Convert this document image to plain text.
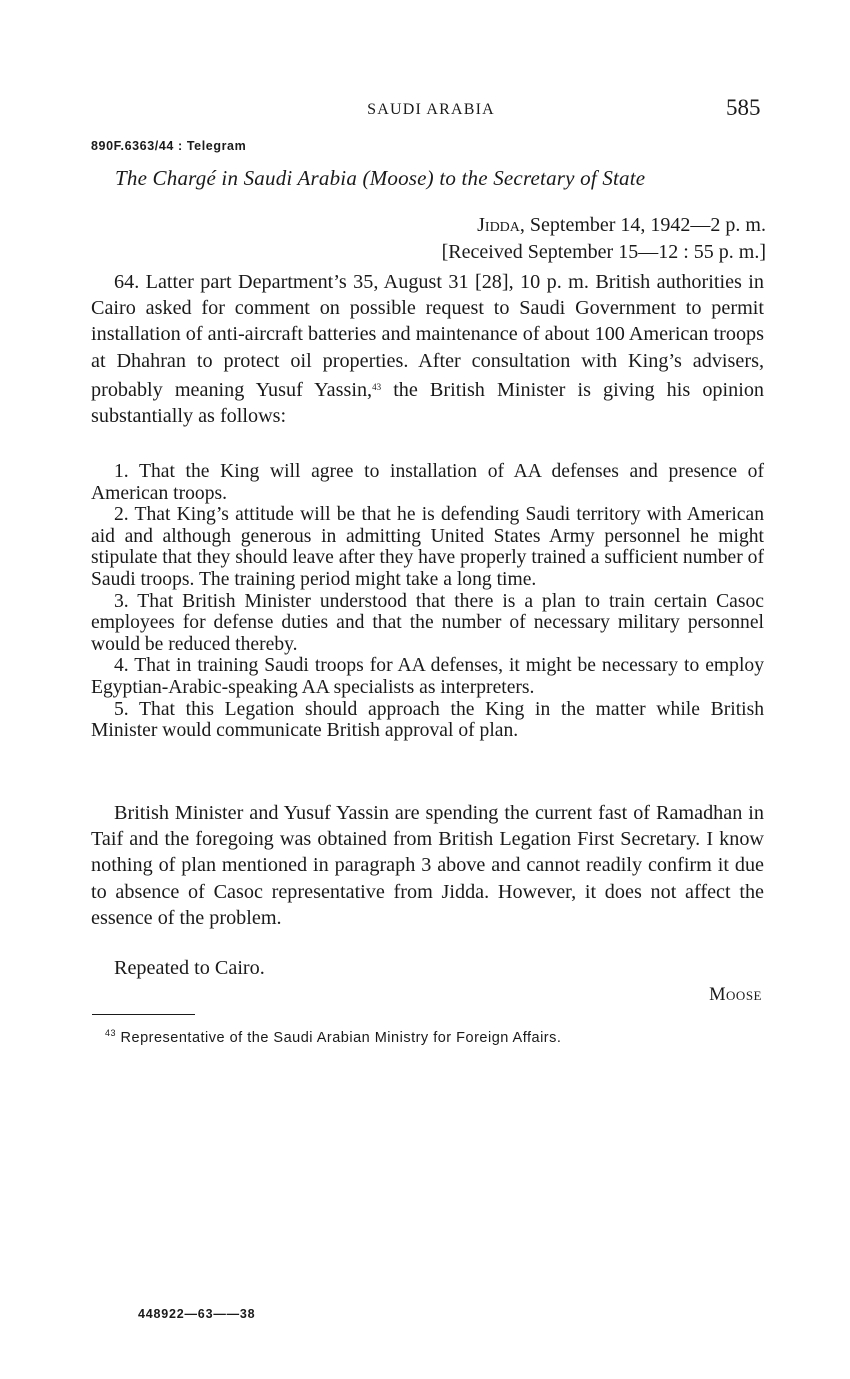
SAUDI ARABIA	585
890F.6363/44 : Telegram
The Chargé in Saudi Arabia (Moose) to the Secretary of State
Jidda, September 14, 1942—2 p. m.
[Received September 15—12 : 55 p. m.]
64. Latter part Department’s 35, August 31 [28], 10 p. m. British authorities in Cairo asked for comment on possible request to Saudi Government to permit installation of anti-aircraft batteries and maintenance of about 100 American troops at Dhahran to protect oil properties. After consultation with King’s advisers, probably meaning Yusuf Yassin,$^{43}$ the British Minister is giving his opinion substantially as follows:

1. That the King will agree to installation of AA defenses and presence of American troops.

2. That King’s attitude will be that he is defending Saudi territory with American aid and although generous in admitting United States Army personnel he might stipulate that they should leave after they have properly trained a sufficient number of Saudi troops. The training period might take a long time.

3. That British Minister understood that there is a plan to train certain Casoc employees for defense duties and that the number of necessary military personnel would be reduced thereby.

4. That in training Saudi troops for AA defenses, it might be necessary to employ Egyptian-Arabic-speaking AA specialists as interpreters.

5. That this Legation should approach the King in the matter while British Minister would communicate British approval of plan.

British Minister and Yusuf Yassin are spending the current fast of Ramadhan in Taif and the foregoing was obtained from British Legation First Secretary. I know nothing of plan mentioned in paragraph 3 above and cannot readily confirm it due to absence of Casoc representative from Jidda. However, it does not affect the essence of the problem.
Repeated to Cairo.
Moose
$^{43}$ Representative of the Saudi Arabian Ministry for Foreign Affairs.
448922—63——38
